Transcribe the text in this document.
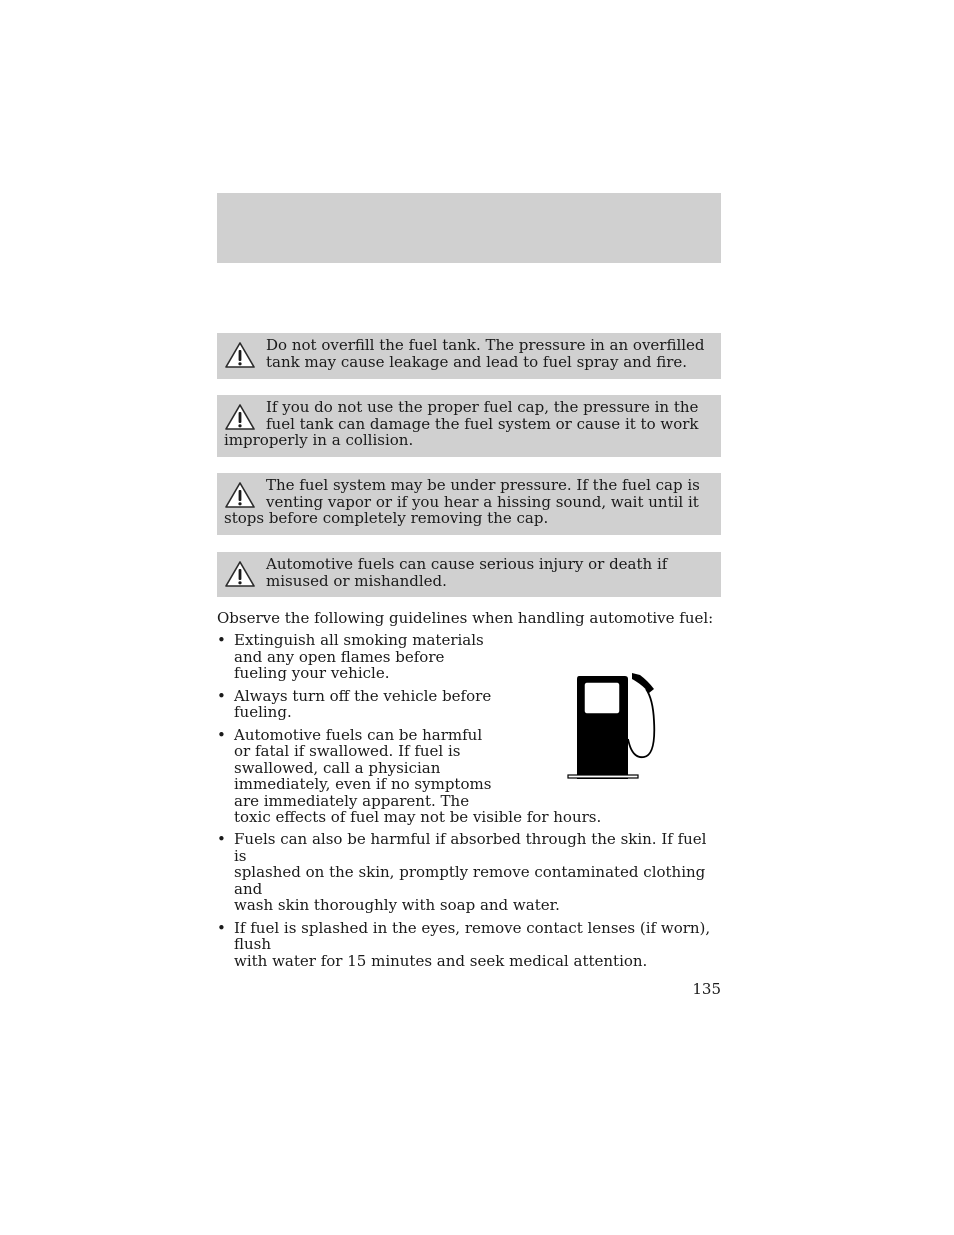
Do not overfill the fuel tank. The pressure in an overfilled tank may cause leakage and lead to fuel spray and fire.
If you do not use the proper fuel cap, the pressure in the fuel tank can damage the fuel system or cause it to work improperly in a collision.
The fuel system may be under pressure. If the fuel cap is venting vapor or if you hear a hissing sound, wait until it stops before completely removing the cap.
Automotive fuels can cause serious injury or death if misused or mishandled.
Observe the following guidelines when handling automotive fuel:
• Extinguish all smoking materials
and any open flames before
fueling your vehicle.
• Always turn off the vehicle before
fueling.
• Automotive fuels can be harmful
or fatal if swallowed. If fuel is
swallowed, call a physician
immediately, even if no symptoms
are immediately apparent. The
toxic effects of fuel may not be visible for hours.
• Fuels can also be harmful if absorbed through the skin. If fuel is
splashed on the skin, promptly remove contaminated clothing and
wash skin thoroughly with soap and water.
• If fuel is splashed in the eyes, remove contact lenses (if worn), flush
with water for 15 minutes and seek medical attention.
135
